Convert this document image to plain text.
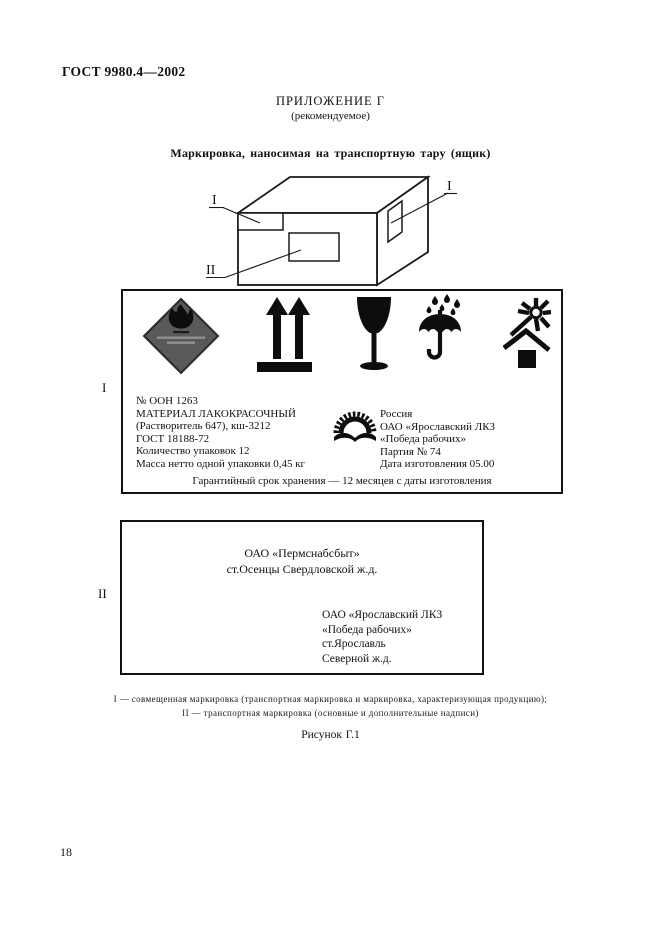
ГОСТ 9980.4—2002
ПРИЛОЖЕНИЕ Г
(рекомендуемое)
Маркировка, наносимая на транспортную тару (ящик)
I
I
II
I
II
№ ООН 1263
МАТЕРИАЛ ЛАКОКРАСОЧНЫЙ
(Растворитель 647), кш-3212
ГОСТ 18188-72
Количество упаковок 12
Масса нетто одной упаковки 0,45 кг
Россия
ОАО «Ярославский ЛКЗ
«Победа рабочих»
Партия № 74
Дата изготовления 05.00
Гарантийный срок хранения — 12 месяцев с даты изготовления
ОАО «Пермснабсбыт»
ст.Осенцы Свердловской ж.д.
ОАО «Ярославский ЛКЗ
«Победа рабочих»
ст.Ярославль
Северной ж.д.
I — совмещенная маркировка (транспортная маркировка и маркировка, характеризующая продукцию);
II — транспортная маркировка (основные и дополнительные надписи)
Рисунок Г.1
18
